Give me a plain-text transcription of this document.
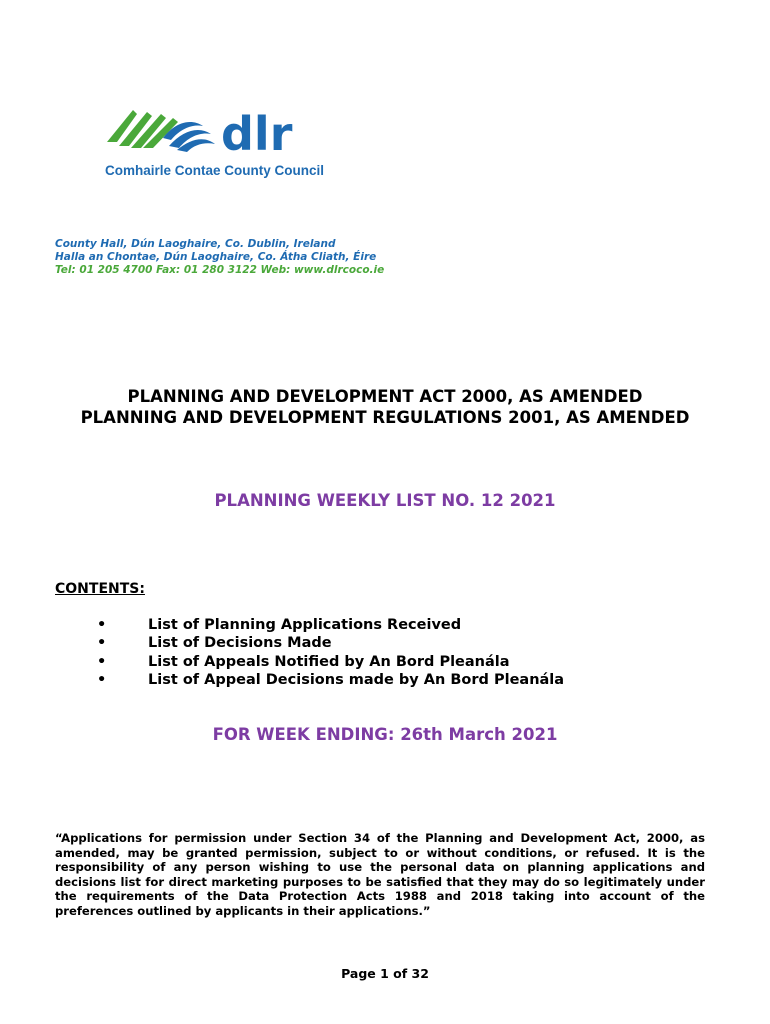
dlr
Comhairle Contae County Council
County Hall, Dún Laoghaire, Co. Dublin, Ireland
Halla an Chontae, Dún Laoghaire, Co. Átha Cliath, Éire
Tel: 01 205 4700 Fax: 01 280 3122 Web: www.dlrcoco.ie
PLANNING AND DEVELOPMENT ACT 2000, AS AMENDED
PLANNING AND DEVELOPMENT REGULATIONS 2001, AS AMENDED
PLANNING WEEKLY LIST NO. 12 2021
CONTENTS:
•	List of Planning Applications Received
•	List of Decisions Made
•	List of Appeals Notified by An Bord Pleanála
•	List of Appeal Decisions made by An Bord Pleanála
FOR WEEK ENDING: 26th March 2021
“Applications for permission under Section 34 of the Planning and Development Act, 2000, as amended, may be granted permission, subject to or without conditions, or refused. It is the responsibility of any person wishing to use the personal data on planning applications and decisions list for direct marketing purposes to be satisfied that they may do so legitimately under the requirements of the Data Protection Acts 1988 and 2018 taking into account of the preferences outlined by applicants in their applications.”
Page 1 of 32
